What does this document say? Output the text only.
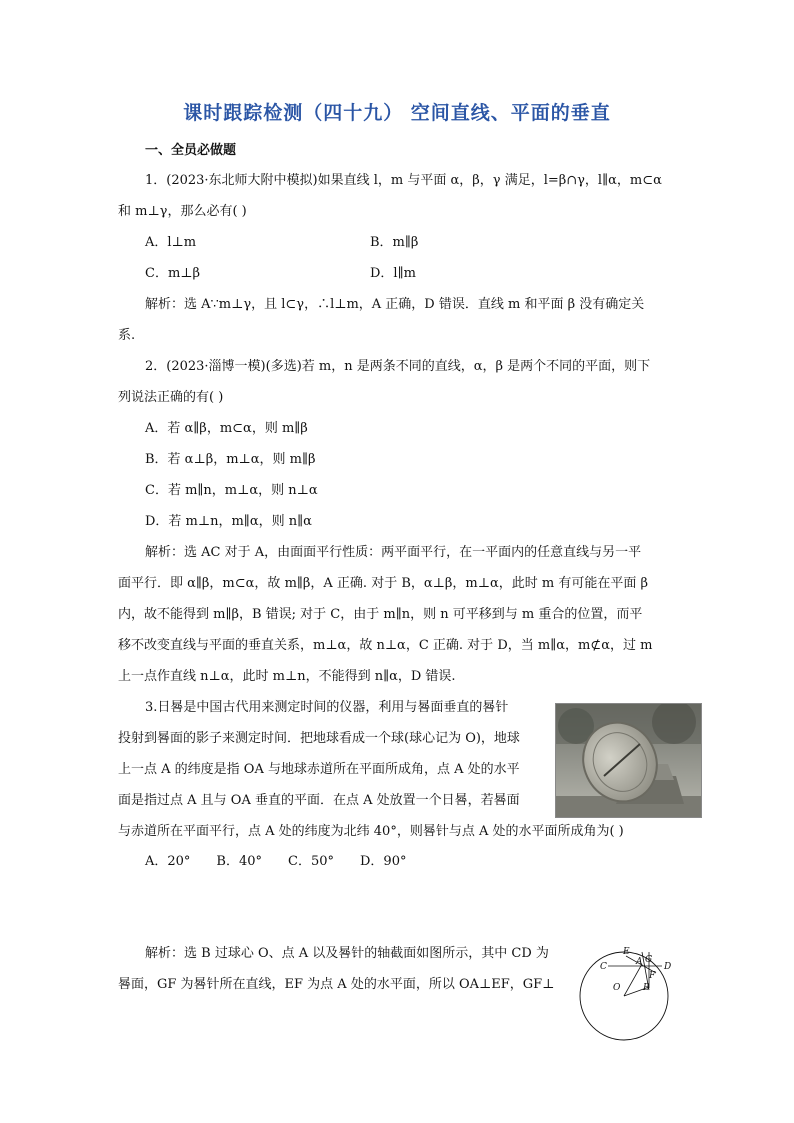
课时跟踪检测（四十九） 空间直线、平面的垂直
一、全员必做题
1．(2023·东北师大附中模拟)如果直线 l，m 与平面 α，β，γ 满足，l=β∩γ，l∥α，m⊂α
和 m⊥γ，那么必有( )
A．l⊥m	B．m∥β
C．m⊥β	D．l∥m
解析：选 A∵m⊥γ，且 l⊂γ，∴l⊥m，A 正确，D 错误．直线 m 和平面 β 没有确定关
系.
2．(2023·淄博一模)(多选)若 m，n 是两条不同的直线，α，β 是两个不同的平面，则下
列说法正确的有( )
A．若 α∥β，m⊂α，则 m∥β
B．若 α⊥β，m⊥α，则 m∥β
C．若 m∥n，m⊥α，则 n⊥α
D．若 m⊥n，m∥α，则 n∥α
解析：选 AC 对于 A，由面面平行性质：两平面平行，在一平面内的任意直线与另一平
面平行．即 α∥β，m⊂α，故 m∥β，A 正确. 对于 B，α⊥β，m⊥α，此时 m 有可能在平面 β
内，故不能得到 m∥β，B 错误; 对于 C，由于 m∥n，则 n 可平移到与 m 重合的位置，而平
移不改变直线与平面的垂直关系，m⊥α，故 n⊥α，C 正确. 对于 D，当 m∥α，m⊄α，过 m
上一点作直线 n⊥α，此时 m⊥n，不能得到 n∥α，D 错误.
3.日晷是中国古代用来测定时间的仪器，利用与晷面垂直的晷针
投射到晷面的影子来测定时间．把地球看成一个球(球心记为 O)，地球
上一点 A 的纬度是指 OA 与地球赤道所在平面所成角，点 A 处的水平
面是指过点 A 且与 OA 垂直的平面．在点 A 处放置一个日晷，若晷面
与赤道所在平面平行，点 A 处的纬度为北纬 40°，则晷针与点 A 处的水平面所成角为( )
A．20°　　B．40°　　C．50°　　D．90°
解析：选 B 过球心 O、点 A 以及晷针的轴截面如图所示，其中 CD 为
晷面，GF 为晷针所在直线，EF 为点 A 处的水平面，所以 OA⊥EF，GF⊥
E
A G
C	D
F
O	B
